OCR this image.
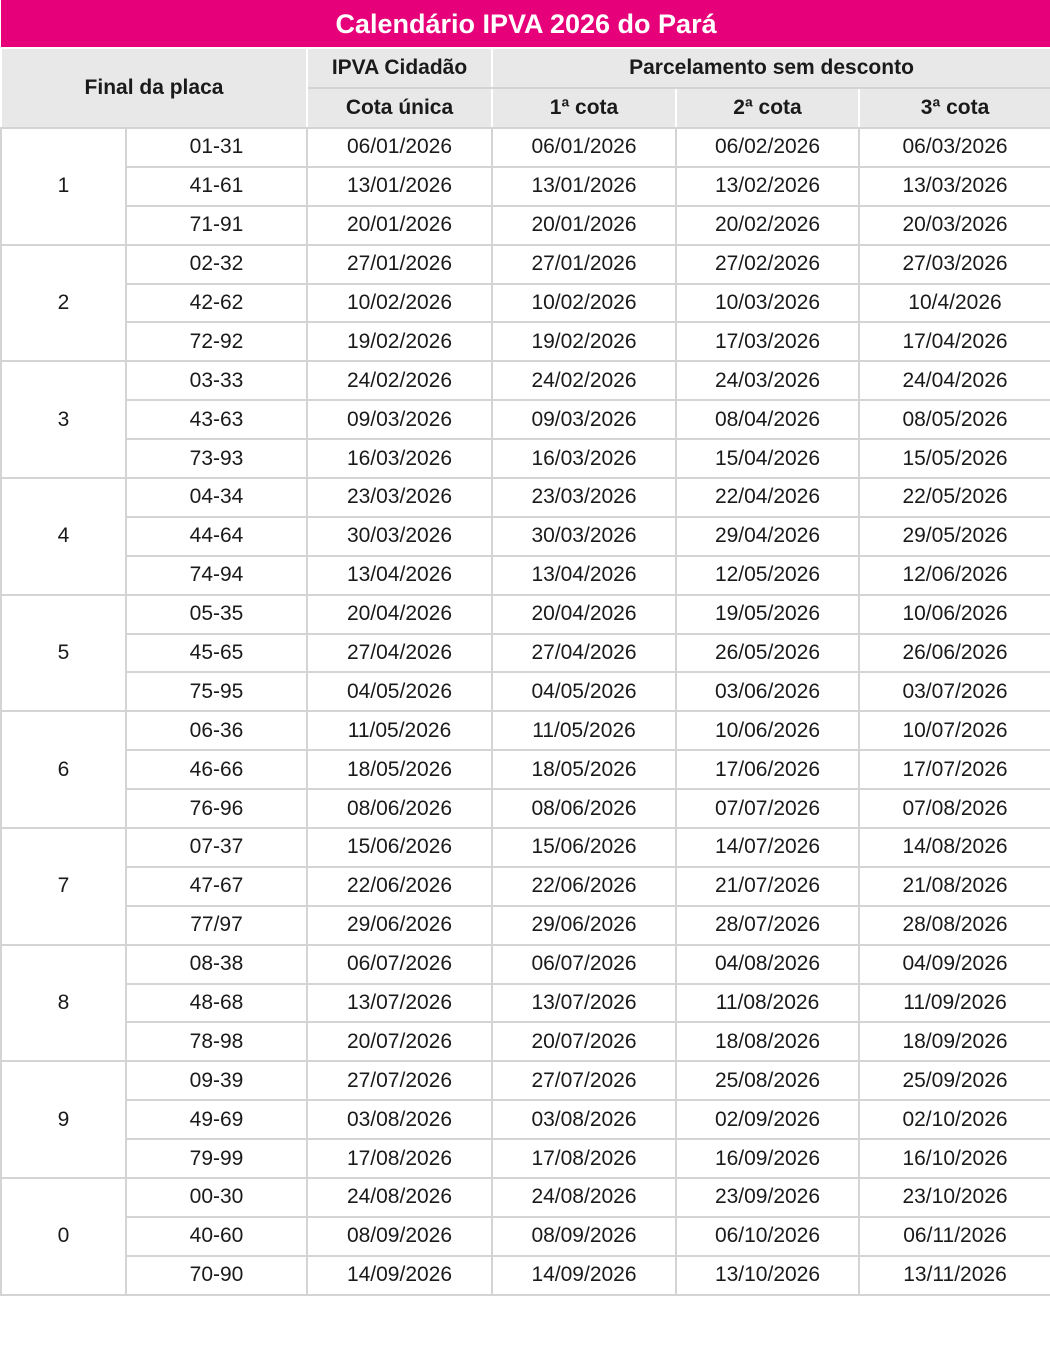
Calendário IPVA 2026 do Pará					
Final da placa		IPVA Cidadão	Parcelamento sem desconto		
		Cota única	1ª cota	2ª cota	3ª cota
1	01-31	06/01/2026	06/01/2026	06/02/2026	06/03/2026
	41-61	13/01/2026	13/01/2026	13/02/2026	13/03/2026
	71-91	20/01/2026	20/01/2026	20/02/2026	20/03/2026
2	02-32	27/01/2026	27/01/2026	27/02/2026	27/03/2026
	42-62	10/02/2026	10/02/2026	10/03/2026	10/4/2026
	72-92	19/02/2026	19/02/2026	17/03/2026	17/04/2026
3	03-33	24/02/2026	24/02/2026	24/03/2026	24/04/2026
	43-63	09/03/2026	09/03/2026	08/04/2026	08/05/2026
	73-93	16/03/2026	16/03/2026	15/04/2026	15/05/2026
4	04-34	23/03/2026	23/03/2026	22/04/2026	22/05/2026
	44-64	30/03/2026	30/03/2026	29/04/2026	29/05/2026
	74-94	13/04/2026	13/04/2026	12/05/2026	12/06/2026
5	05-35	20/04/2026	20/04/2026	19/05/2026	10/06/2026
	45-65	27/04/2026	27/04/2026	26/05/2026	26/06/2026
	75-95	04/05/2026	04/05/2026	03/06/2026	03/07/2026
6	06-36	11/05/2026	11/05/2026	10/06/2026	10/07/2026
	46-66	18/05/2026	18/05/2026	17/06/2026	17/07/2026
	76-96	08/06/2026	08/06/2026	07/07/2026	07/08/2026
7	07-37	15/06/2026	15/06/2026	14/07/2026	14/08/2026
	47-67	22/06/2026	22/06/2026	21/07/2026	21/08/2026
	77/97	29/06/2026	29/06/2026	28/07/2026	28/08/2026
8	08-38	06/07/2026	06/07/2026	04/08/2026	04/09/2026
	48-68	13/07/2026	13/07/2026	11/08/2026	11/09/2026
	78-98	20/07/2026	20/07/2026	18/08/2026	18/09/2026
9	09-39	27/07/2026	27/07/2026	25/08/2026	25/09/2026
	49-69	03/08/2026	03/08/2026	02/09/2026	02/10/2026
	79-99	17/08/2026	17/08/2026	16/09/2026	16/10/2026
0	00-30	24/08/2026	24/08/2026	23/09/2026	23/10/2026
	40-60	08/09/2026	08/09/2026	06/10/2026	06/11/2026
	70-90	14/09/2026	14/09/2026	13/10/2026	13/11/2026
